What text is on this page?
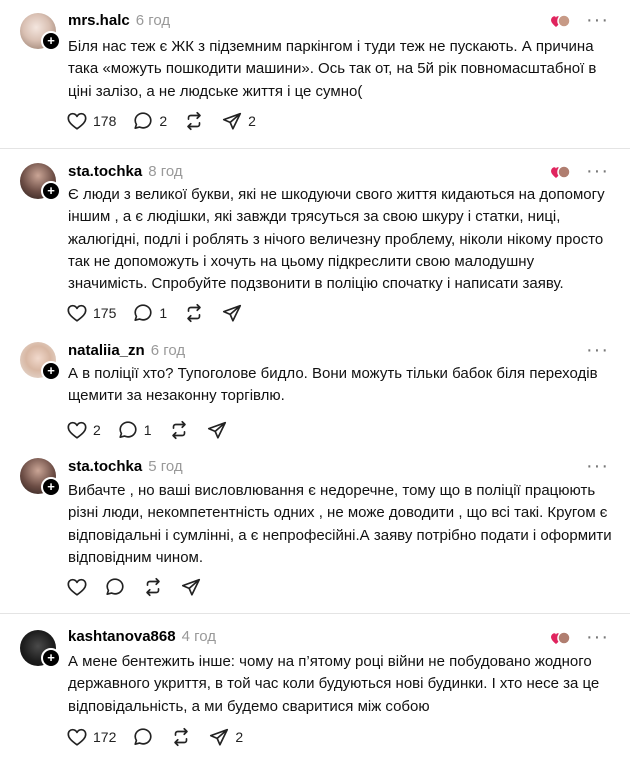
+
mrs.halc 6 год	···
Біля нас теж є ЖК з підземним паркінгом і туди теж не пускають. А причина така «можуть пошкодити машини». Ось так от, на 5й рік повномасштабної в ціні залізо, а не людське життя і це сумно(
178	2	2
+
sta.tochka 8 год	···
Є люди з великої букви, які не шкодуючи свого життя кидаються на допомогу іншим , а є людішки, які завжди трясуться за свою шкуру і статки, ниці, жалюгідні, подлі і роблять з нічого величезну проблему, ніколи нікому просто так не допоможуть і хочуть на цьому підкреслити свою малодушну значимість. Спробуйте подзвонити в поліцію спочатку і написати заяву.
175	1
+
nataliia_zn 6 год	···
А в поліції хто? Тупоголове бидло. Вони можуть тільки бабок біля переходів щемити за незаконну торгівлю.
2	1
+
sta.tochka 5 год	···
Вибачте , но ваші висловлювання є недоречне, тому що в поліції працюють різні люди, некомпетентність одних , не може доводити , що всі такі. Кругом є відповідальні і сумлінні, а є непрофесійні.А заяву потрібно подати і оформити відповідним чином.
+
kashtanova868 4 год	···
А мене бентежить інше: чому на п’ятому році війни не побудовано жодного державного укриття, в той час коли будуються нові будинки. І хто несе за це відповідальність, а ми будемо сваритися між собою
172	2
